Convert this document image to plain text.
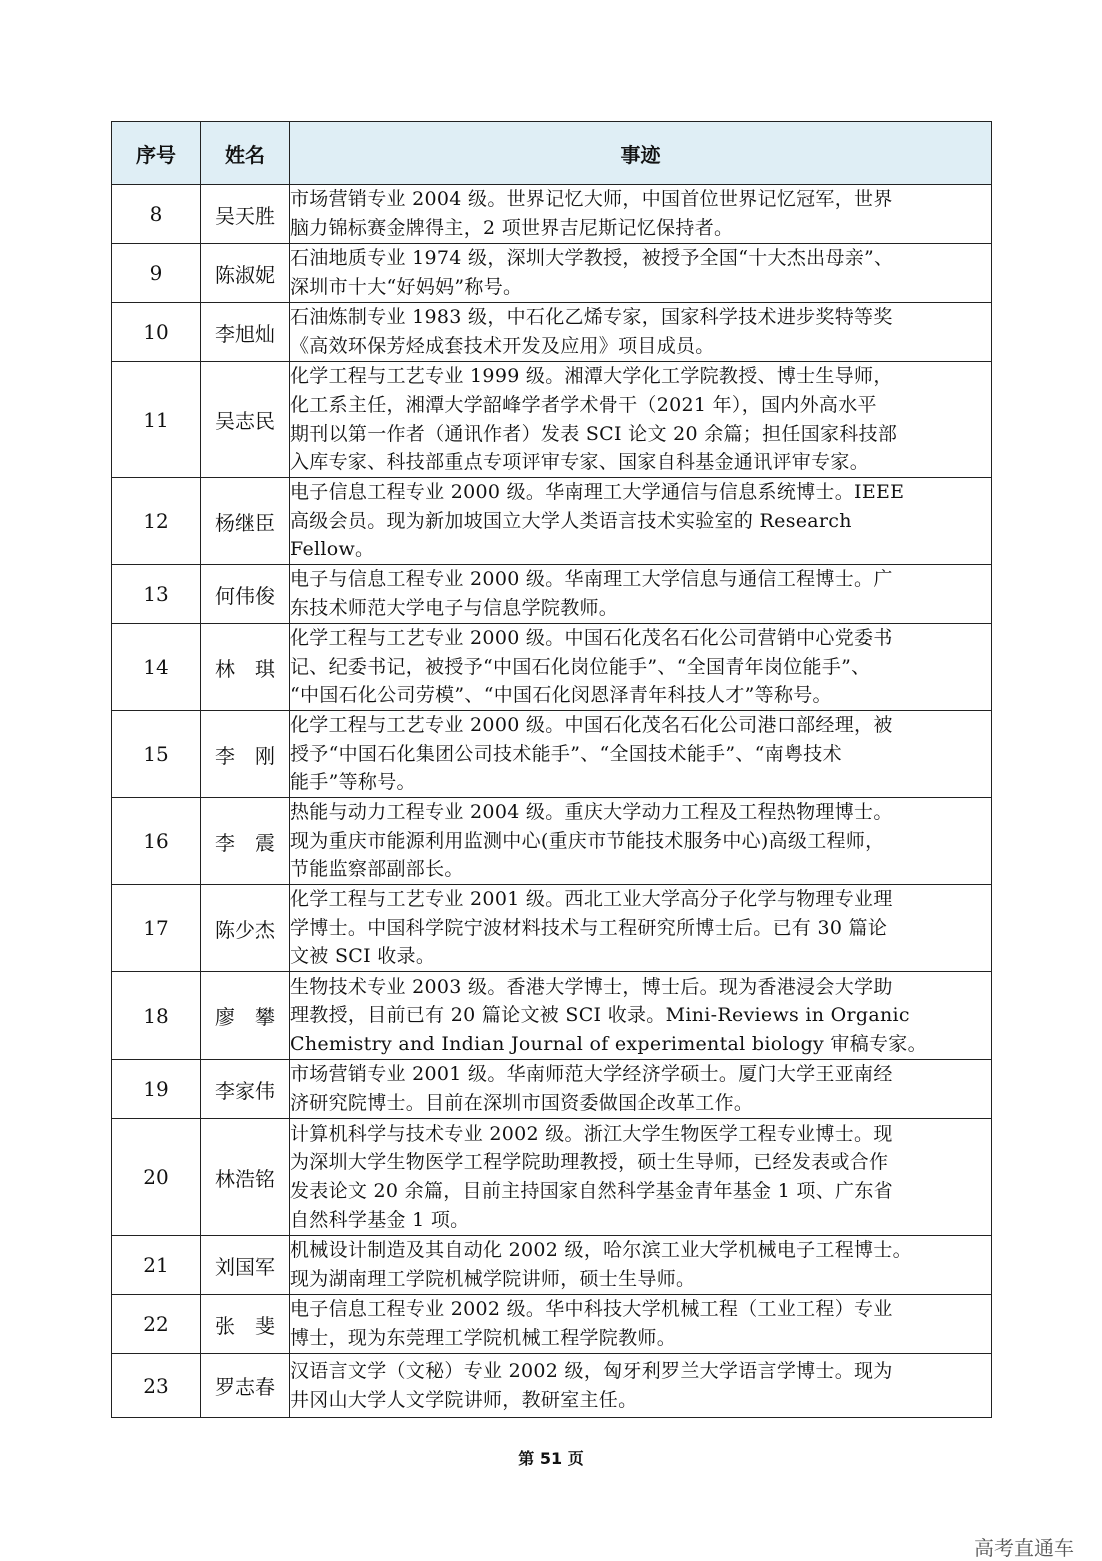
序号	姓名	事迹
8	吴天胜	市场营销专业 2004 级。世界记忆大师，中国首位世界记忆冠军，世界
脑力锦标赛金牌得主，2 项世界吉尼斯记忆保持者。

9	陈淑妮	石油地质专业 1974 级，深圳大学教授，被授予全国“十大杰出母亲”、
深圳市十大“好妈妈”称号。

10	李旭灿	石油炼制专业 1983 级，中石化乙烯专家，国家科学技术进步奖特等奖
《高效环保芳烃成套技术开发及应用》项目成员。

11	吴志民	化学工程与工艺专业 1999 级。湘潭大学化工学院教授、博士生导师，
化工系主任，湘潭大学韶峰学者学术骨干（2021 年），国内外高水平
期刊以第一作者（通讯作者）发表 SCI 论文 20 余篇；担任国家科技部
入库专家、科技部重点专项评审专家、国家自科基金通讯评审专家。

12	杨继臣	电子信息工程专业 2000 级。华南理工大学通信与信息系统博士。IEEE
高级会员。现为新加坡国立大学人类语言技术实验室的 Research
Fellow。

13	何伟俊	电子与信息工程专业 2000 级。华南理工大学信息与通信工程博士。广
东技术师范大学电子与信息学院教师。

14	林　琪	化学工程与工艺专业 2000 级。中国石化茂名石化公司营销中心党委书
记、纪委书记，被授予“中国石化岗位能手”、“全国青年岗位能手”、
“中国石化公司劳模”、“中国石化闵恩泽青年科技人才”等称号。

15	李　刚	化学工程与工艺专业 2000 级。中国石化茂名石化公司港口部经理，被
授予“中国石化集团公司技术能手”、“全国技术能手”、“南粤技术
能手”等称号。

16	李　震	热能与动力工程专业 2004 级。重庆大学动力工程及工程热物理博士。
现为重庆市能源利用监测中心(重庆市节能技术服务中心)高级工程师，
节能监察部副部长。

17	陈少杰	化学工程与工艺专业 2001 级。西北工业大学高分子化学与物理专业理
学博士。中国科学院宁波材料技术与工程研究所博士后。已有 30 篇论
文被 SCI 收录。

18	廖　攀	生物技术专业 2003 级。香港大学博士，博士后。现为香港浸会大学助
理教授，目前已有 20 篇论文被 SCI 收录。Mini-Reviews in Organic
Chemistry and Indian Journal of experimental biology 审稿专家。

19	李家伟	市场营销专业 2001 级。华南师范大学经济学硕士。厦门大学王亚南经
济研究院博士。目前在深圳市国资委做国企改革工作。

20	林浩铭	计算机科学与技术专业 2002 级。浙江大学生物医学工程专业博士。现
为深圳大学生物医学工程学院助理教授，硕士生导师，已经发表或合作
发表论文 20 余篇，目前主持国家自然科学基金青年基金 1 项、广东省
自然科学基金 1 项。

21	刘国军	机械设计制造及其自动化 2002 级，哈尔滨工业大学机械电子工程博士。
现为湖南理工学院机械学院讲师，硕士生导师。

22	张　斐	电子信息工程专业 2002 级。华中科技大学机械工程（工业工程）专业
博士，现为东莞理工学院机械工程学院教师。

23	罗志春	汉语言文学（文秘）专业 2002 级，匈牙利罗兰大学语言学博士。现为
井冈山大学人文学院讲师，教研室主任。
第 51 页
高考直通车
